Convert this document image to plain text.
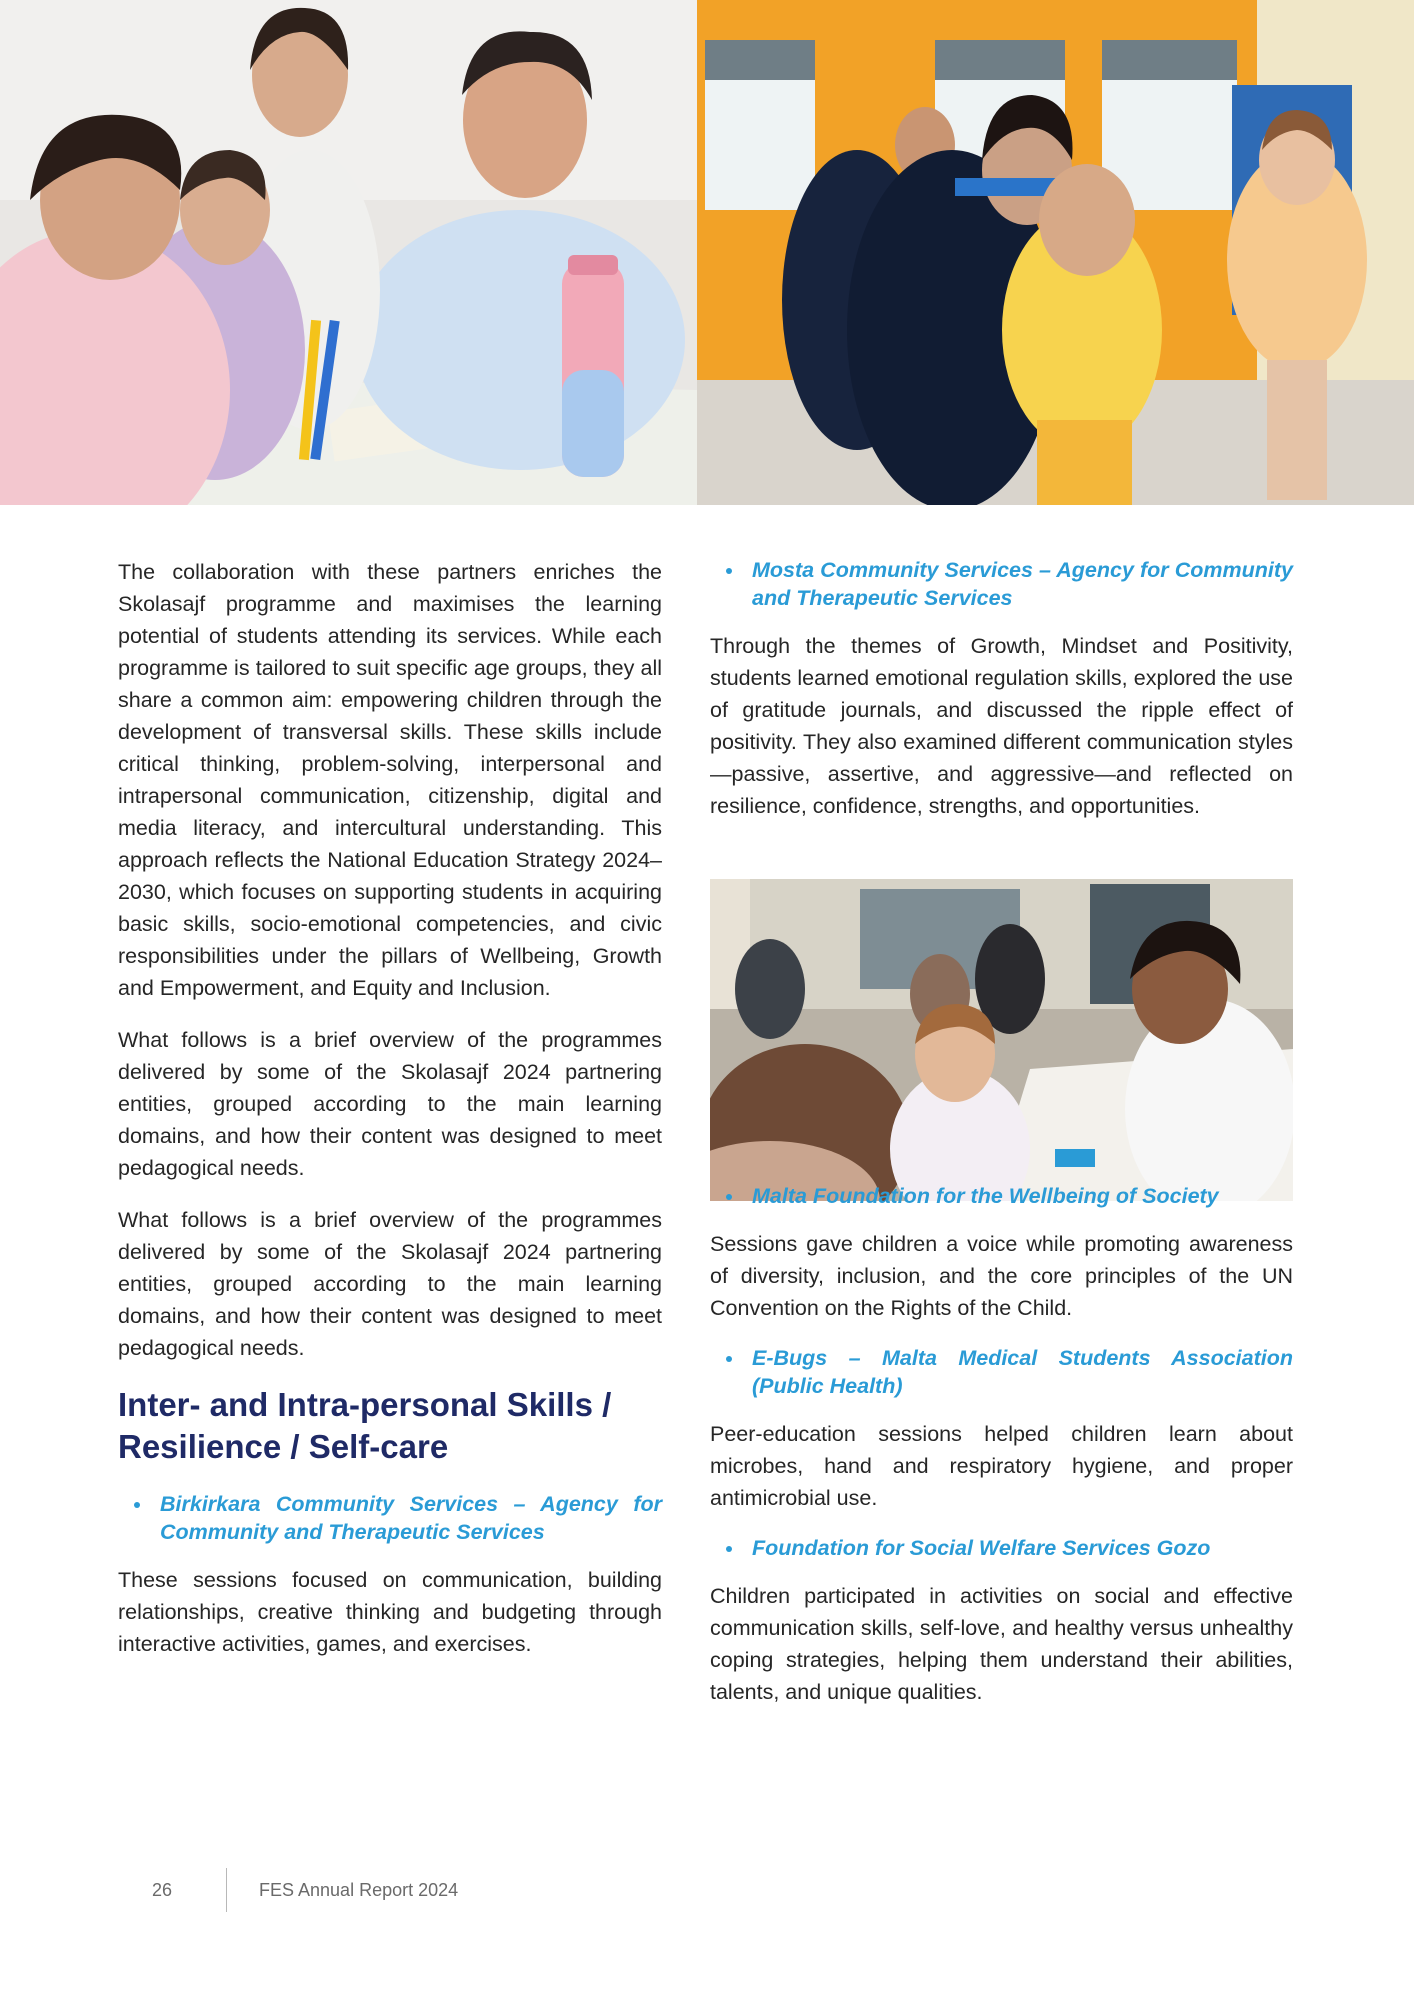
The collaboration with these partners enriches the Skolasajf programme and maximises the learning potential of students attending its services. While each programme is tailored to suit specific age groups, they all share a common aim: empowering children through the development of transversal skills. These skills include critical thinking, problem-solving, interpersonal and intrapersonal communication, citizenship, digital and media literacy, and intercultural understanding. This approach reflects the National Education Strategy 2024–2030, which focuses on supporting students in acquiring basic skills, socio-emotional competencies, and civic responsibilities under the pillars of Wellbeing, Growth and Empowerment, and Equity and Inclusion.

What follows is a brief overview of the programmes delivered by some of the Skolasajf 2024 partnering entities, grouped according to the main learning domains, and how their content was designed to meet pedagogical needs.

What follows is a brief overview of the programmes delivered by some of the Skolasajf 2024 partnering entities, grouped according to the main learning domains, and how their content was designed to meet pedagogical needs.

Inter- and Intra-personal Skills / Resilience / Self-care
Birkirkara Community Services – Agency for Community and Therapeutic Services

These sessions focused on communication, building relationships, creative thinking and budgeting through interactive activities, games, and exercises.

Mosta Community Services – Agency for Community and Therapeutic Services

Through the themes of Growth, Mindset and Positivity, students learned emotional regulation skills, explored the use of gratitude journals, and discussed the ripple effect of positivity. They also examined different communication styles—passive, assertive, and aggressive—and reflected on resilience, confidence, strengths, and opportunities.

Malta Foundation for the Wellbeing of Society

Sessions gave children a voice while promoting awareness of diversity, inclusion, and the core principles of the UN Convention on the Rights of the Child.

E-Bugs – Malta Medical Students Association (Public Health)

Peer-education sessions helped children learn about microbes, hand and respiratory hygiene, and proper antimicrobial use.

Foundation for Social Welfare Services Gozo

Children participated in activities on social and effective communication skills, self-love, and healthy versus unhealthy coping strategies, helping them understand their abilities, talents, and unique qualities.

26	FES Annual Report 2024
